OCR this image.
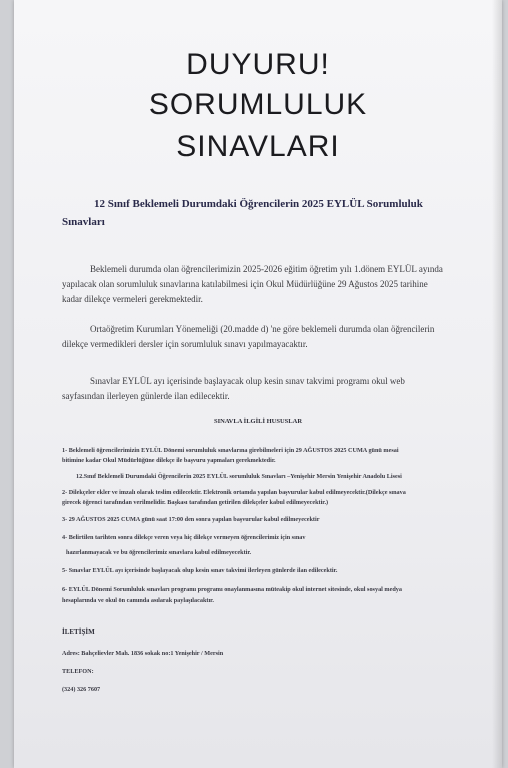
DUYURU!
SORUMLULUK
SINAVLARI
12 Sınıf Beklemeli Durumdaki Öğrencilerin 2025 EYLÜL Sorumluluk
Sınavları
Beklemeli durumda olan öğrencilerimizin 2025-2026 eğitim öğretim yılı 1.dönem EYLÜL ayında
yapılacak olan sorumluluk sınavlarına katılabilmesi için Okul Müdürlüğüne 29 Ağustos 2025 tarihine
kadar dilekçe vermeleri gerekmektedir.
Ortaöğretim Kurumları Yönemeliği (20.madde d) 'ne göre beklemeli durumda olan öğrencilerin
dilekçe vermedikleri dersler için sorumluluk sınavı yapılmayacaktır.
Sınavlar EYLÜL ayı içerisinde başlayacak olup kesin sınav takvimi programı okul web
sayfasından ilerleyen günlerde ilan edilecektir.
SINAVLA İLGİLİ HUSUSLAR
1- Beklemeli öğrencilerimizin EYLÜL Dönemi sorumluluk sınavlarına girebilmeleri için 29 AĞUSTOS 2025 CUMA günü mesai
bitimine kadar Okul Müdürlüğüne dilekçe ile başvuru yapmaları gerekmektedir.
12.Sınıf Beklemeli Durumdaki Öğrencilerin 2025 EYLÜL sorumluluk Sınavları –Yenişehir Mersin Yenişehir Anadolu Lisesi
2- Dilekçeler ekler ve imzalı olarak teslim edilecektir. Elektronik ortamda yapılan başvurular kabul edilmeyecektir.(Dilekçe sınava
girecek öğrenci tarafından verilmelidir. Başkası tarafından getirilen dilekçeler kabul edilmeyecektir.)
3- 29 AĞUSTOS 2025 CUMA günü saat 17:00 den sonra yapılan başvurular kabul edilmeyecektir
4- Belirtilen tarihten sonra dilekçe veren veya hiç dilekçe vermeyen öğrencilerimiz için sınav
hazırlanmayacak ve bu öğrencilerimiz sınavlara kabul edilmeyecektir.
5- Sınavlar EYLÜL ayı içerisinde başlayacak olup kesin sınav takvimi ilerleyen günlerde ilan edilecektir.
6- EYLÜL Dönemi Sorumluluk sınavları programı programı onaylanmasına müteakip okul internet sitesinde, okul sosyal medya
hesaplarında ve okul ön camında asılarak paylaşılacaktır.
İLETİŞİM
Adres: Bahçelievler Mah. 1836 sokak no:1 Yenişehir / Mersin
TELEFON:
(324) 326 7607
